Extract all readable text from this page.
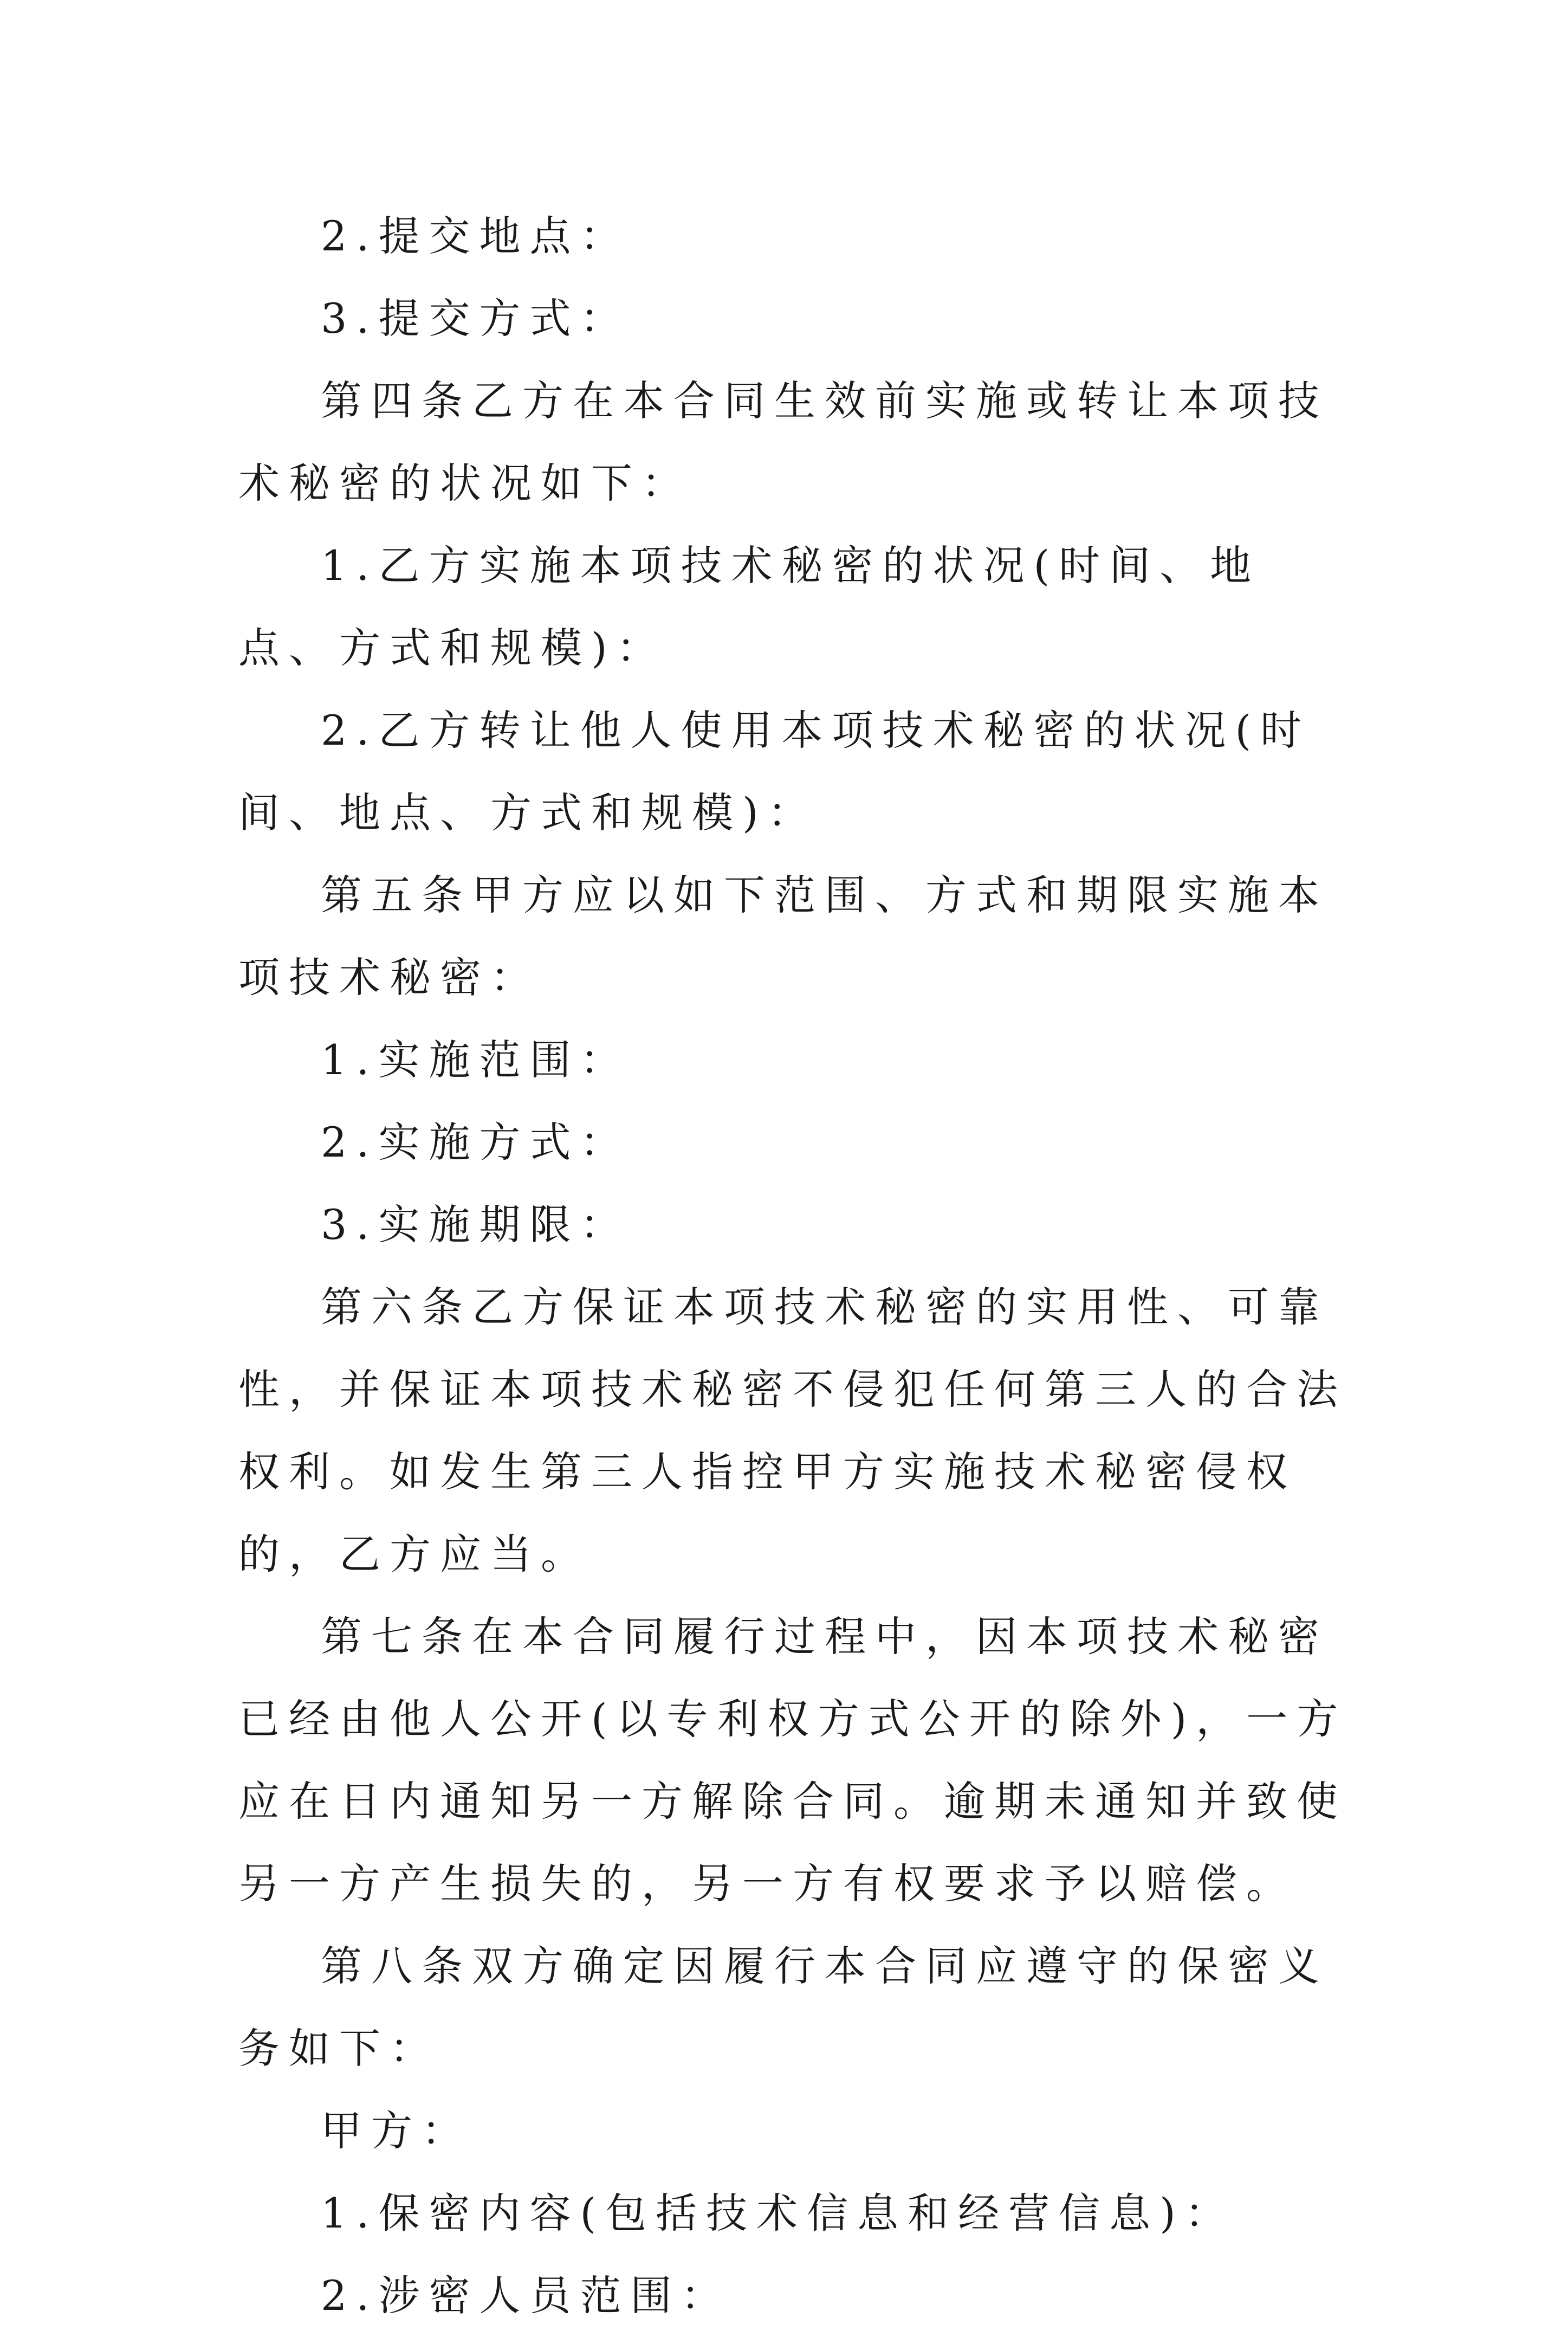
2.提交地点：

3.提交方式：

第四条乙方在本合同生效前实施或转让本项技术秘密的状况如下：

1.乙方实施本项技术秘密的状况(时间、地点、方式和规模)：

2.乙方转让他人使用本项技术秘密的状况(时间、地点、方式和规模)：

第五条甲方应以如下范围、方式和期限实施本项技术秘密：

1.实施范围：

2.实施方式：

3.实施期限：

第六条乙方保证本项技术秘密的实用性、可靠性，并保证本项技术秘密不侵犯任何第三人的合法权利。如发生第三人指控甲方实施技术秘密侵权的，乙方应当。

第七条在本合同履行过程中，因本项技术秘密已经由他人公开(以专利权方式公开的除外)，一方应在日内通知另一方解除合同。逾期未通知并致使另一方产生损失的，另一方有权要求予以赔偿。

第八条双方确定因履行本合同应遵守的保密义务如下：

甲方：

1.保密内容(包括技术信息和经营信息)：

2.涉密人员范围：
